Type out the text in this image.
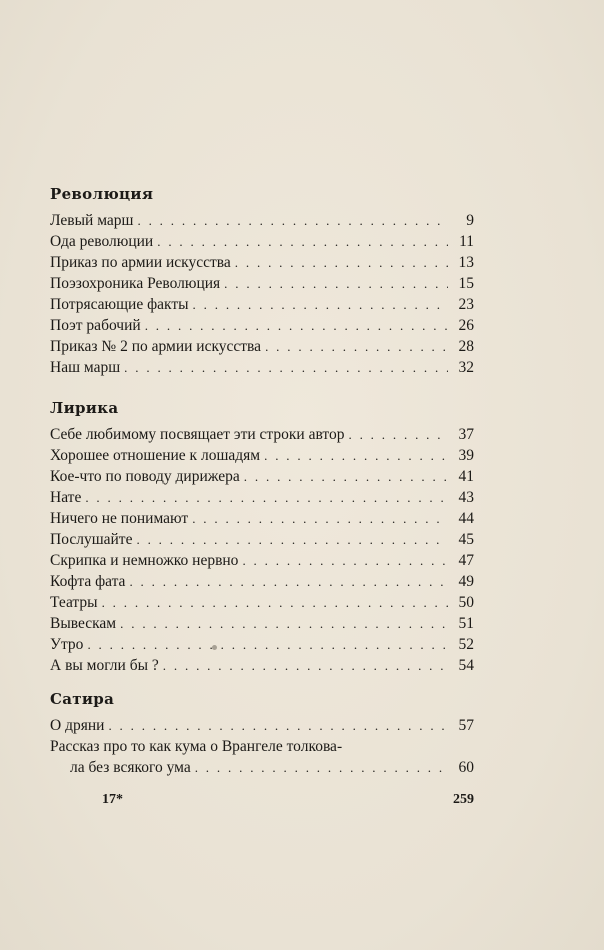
Революция
Левый марш . . .	9
Ода революции . . .	11
Приказ по армии искусства . . .	13
Поэзохроника Революция . . .	15
Потрясающие факты . . .	23
Поэт рабочий . . .	26
Приказ № 2 по армии искусства . . .	28
Наш марш . . .	32
Лирика
Себе любимому посвящает эти строки автор . . .	37
Хорошее отношение к лошадям . . .	39
Кое-что по поводу дирижера . . .	41
Нате . . .	43
Ничего не понимают . . .	44
Послушайте . . .	45
Скрипка и немножко нервно . . .	47
Кофта фата . . .	49
Театры . . .	50
Вывескам . . .	51
Утро . . .	52
А вы могли бы ? . . .	54
Сатира
О дряни . . .	57
Рассказ про то как кума о Врангеле толкова-
ла без всякого ума . . .	60
17*	259
